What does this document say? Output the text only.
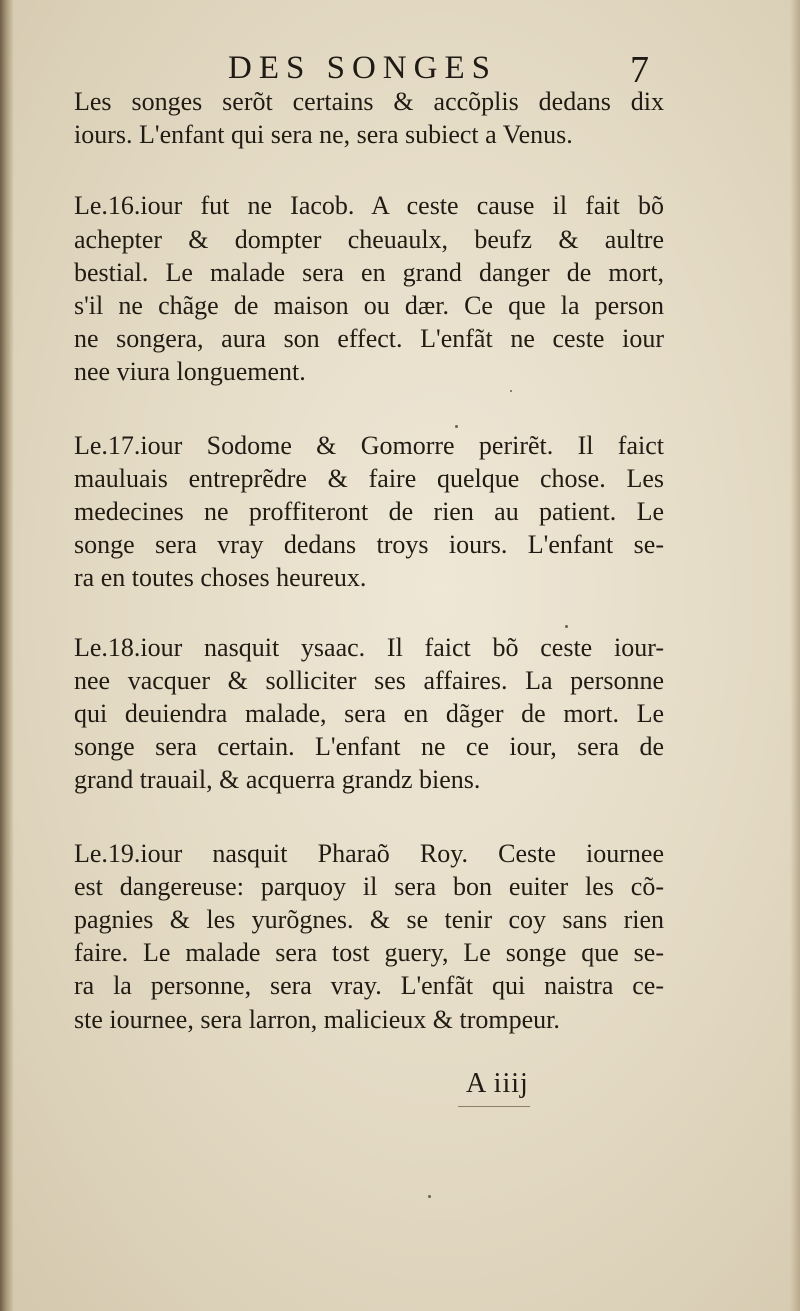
DES SONGES	7
Les songes serõt certains & accõplis dedans dix
iours. L'enfant qui sera ne, sera subiect a Venus.
Le.16.iour fut ne Iacob. A ceste cause il fait bõ
achepter & dompter cheuaulx, beufz & aultre
bestial. Le malade sera en grand danger de mort,
s'il ne chãge de maison ou dær. Ce que la person
ne songera, aura son effect. L'enfãt ne ceste iour
nee viura longuement.
Le.17.iour Sodome & Gomorre perirẽt. Il faict
mauluais entreprẽdre & faire quelque chose. Les
medecines ne proffiteront de rien au patient. Le
songe sera vray dedans troys iours. L'enfant se-
ra en toutes choses heureux.
Le.18.iour nasquit ysaac. Il faict bõ ceste iour-
nee vacquer & solliciter ses affaires. La personne
qui deuiendra malade, sera en dãger de mort. Le
songe sera certain. L'enfant ne ce iour, sera de
grand trauail, & acquerra grandz biens.
Le.19.iour nasquit Pharaõ Roy. Ceste iournee
est dangereuse: parquoy il sera bon euiter les cõ-
pagnies & les yurõgnes. & se tenir coy sans rien
faire. Le malade sera tost guery, Le songe que se-
ra la personne, sera vray. L'enfãt qui naistra ce-
ste iournee, sera larron, malicieux & trompeur.
A iiij
